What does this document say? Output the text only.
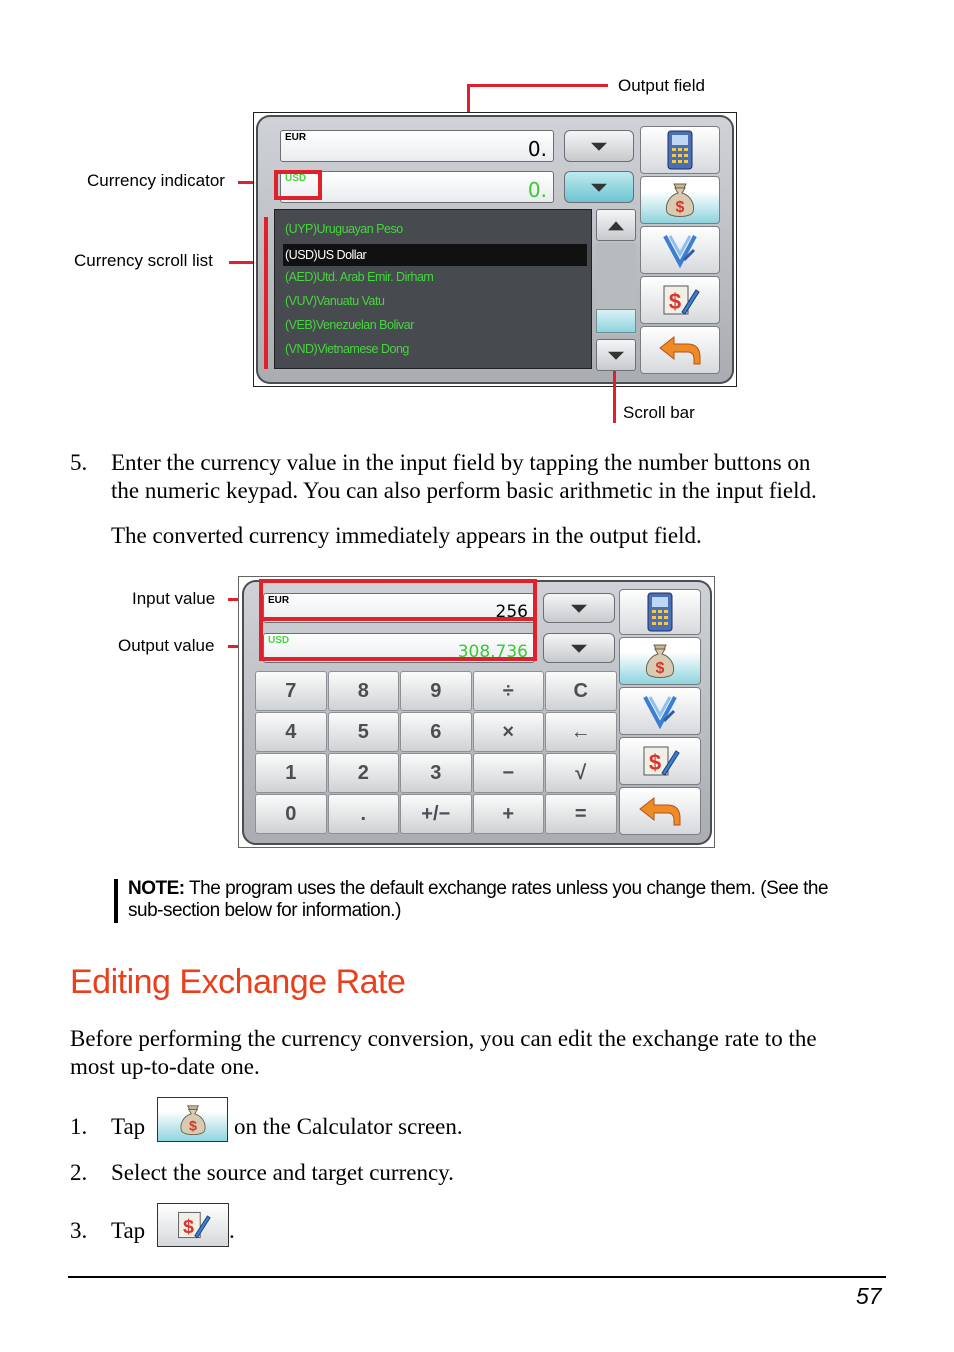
Output field
Currency indicator
Currency scroll list
EUR	0.
USD	0.
(UYP)Uruguayan Peso
(USD)US Dollar
(AED)Utd. Arab Emir. Dirham
(VUV)Vanuatu Vatu
(VEB)Venezuelan Bolivar
(VND)Vietnamese Dong
$
$
Scroll bar
5. Enter the currency value in the input field by tapping the number buttons on
the numeric keypad. You can also perform basic arithmetic in the input field.
The converted currency immediately appears in the output field.
Input value
Output value
EUR
256
USD
308.736
$
$
7	8	9	÷	C
4	5	6	×	←
1	2	3	−	√
0	.	+/−	+	=
NOTE: The program uses the default exchange rates unless you change them. (See the
sub-section below for information.)
Editing Exchange Rate
Before performing the currency conversion, you can edit the exchange rate to the
most up-to-date one.
1. Tap	$ on the Calculator screen.
2. Select the source and target currency.
3. Tap $ .
57
